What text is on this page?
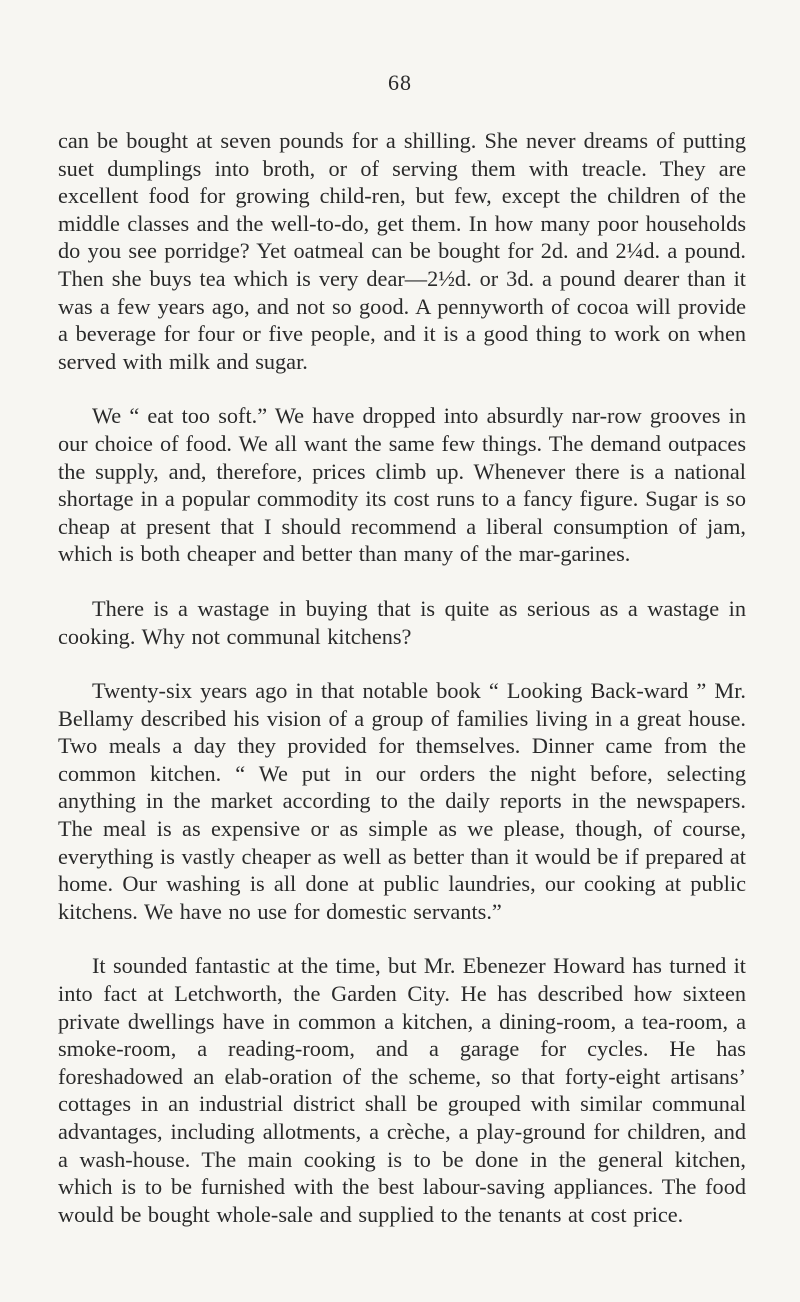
68

can be bought at seven pounds for a shilling. She never dreams of putting suet dumplings into broth, or of serving them with treacle. They are excellent food for growing child-ren, but few, except the children of the middle classes and the well-to-do, get them. In how many poor households do you see porridge? Yet oatmeal can be bought for 2d. and 2¼d. a pound. Then she buys tea which is very dear—2½d. or 3d. a pound dearer than it was a few years ago, and not so good. A pennyworth of cocoa will provide a beverage for four or five people, and it is a good thing to work on when served with milk and sugar.

We “ eat too soft.” We have dropped into absurdly nar-row grooves in our choice of food. We all want the same few things. The demand outpaces the supply, and, therefore, prices climb up. Whenever there is a national shortage in a popular commodity its cost runs to a fancy figure. Sugar is so cheap at present that I should recommend a liberal consumption of jam, which is both cheaper and better than many of the mar-garines.

There is a wastage in buying that is quite as serious as a wastage in cooking. Why not communal kitchens?

Twenty-six years ago in that notable book “ Looking Back-ward ” Mr. Bellamy described his vision of a group of families living in a great house. Two meals a day they provided for themselves. Dinner came from the common kitchen. “ We put in our orders the night before, selecting anything in the market according to the daily reports in the newspapers. The meal is as expensive or as simple as we please, though, of course, everything is vastly cheaper as well as better than it would be if prepared at home. Our washing is all done at public laundries, our cooking at public kitchens. We have no use for domestic servants.”

It sounded fantastic at the time, but Mr. Ebenezer Howard has turned it into fact at Letchworth, the Garden City. He has described how sixteen private dwellings have in common a kitchen, a dining-room, a tea-room, a smoke-room, a reading-room, and a garage for cycles. He has foreshadowed an elab-oration of the scheme, so that forty-eight artisans’ cottages in an industrial district shall be grouped with similar communal advantages, including allotments, a crèche, a play-ground for children, and a wash-house. The main cooking is to be done in the general kitchen, which is to be furnished with the best labour-saving appliances. The food would be bought whole-sale and supplied to the tenants at cost price.
